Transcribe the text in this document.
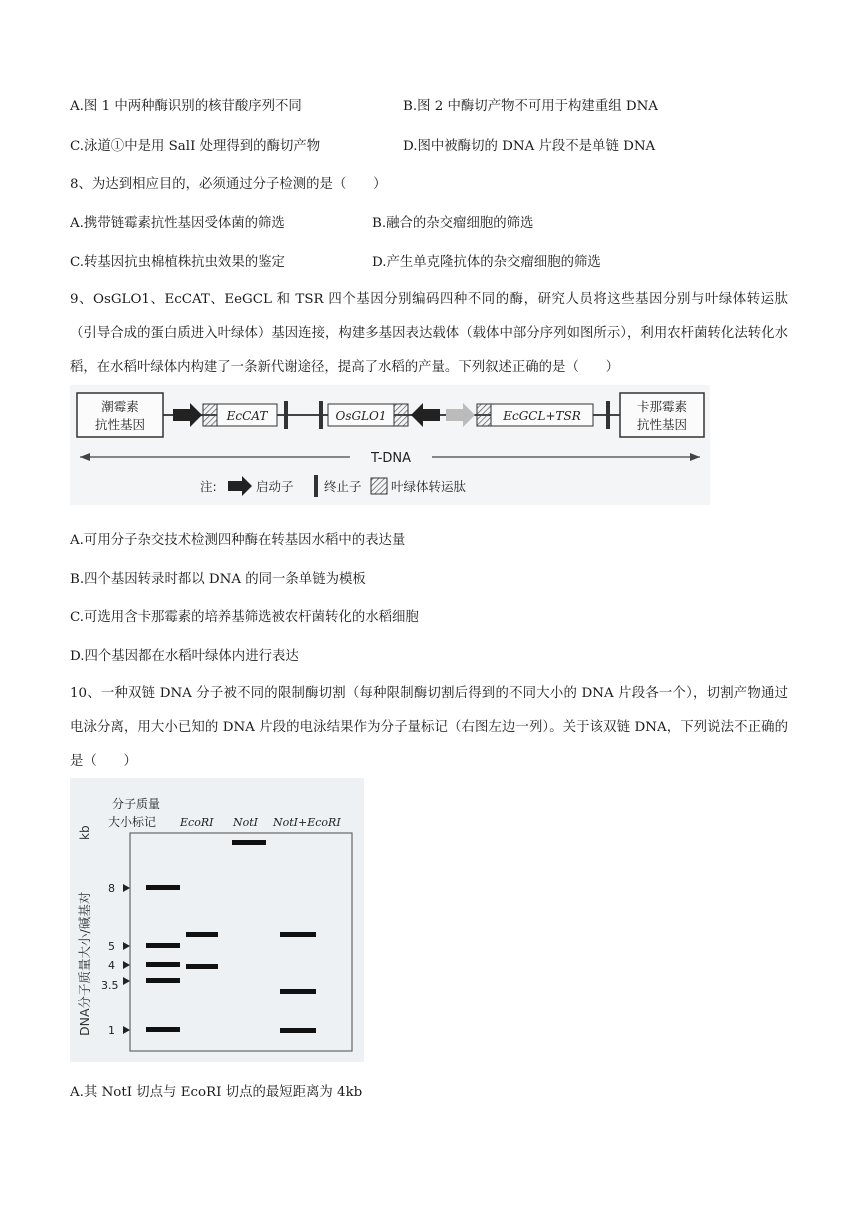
A.图 1 中两种酶识别的核苷酸序列不同	B.图 2 中酶切产物不可用于构建重组 DNA
C.泳道①中是用 SalI 处理得到的酶切产物	D.图中被酶切的 DNA 片段不是单链 DNA
8、为达到相应目的，必须通过分子检测的是（　　）
A.携带链霉素抗性基因受体菌的筛选	B.融合的杂交瘤细胞的筛选
C.转基因抗虫棉植株抗虫效果的鉴定	D.产生单克隆抗体的杂交瘤细胞的筛选
9、OsGLO1、EcCAT、EeGCL 和 TSR 四个基因分别编码四种不同的酶，研究人员将这些基因分别与叶绿体转运肽（引导合成的蛋白质进入叶绿体）基因连接，构建多基因表达载体（载体中部分序列如图所示），利用农杆菌转化法转化水稻，在水稻叶绿体内构建了一条新代谢途径，提高了水稻的产量。下列叙述正确的是（　　）
潮霉素
抗性基因
EcCAT	OsGLO1	EcGCL+TSR
卡那霉素
抗性基因
T-DNA
注:	启动子 终止子 叶绿体转运肽
A.可用分子杂交技术检测四种酶在转基因水稻中的表达量
B.四个基因转录时都以 DNA 的同一条单链为模板
C.可选用含卡那霉素的培养基筛选被农杆菌转化的水稻细胞
D.四个基因都在水稻叶绿体内进行表达
10、一种双链 DNA 分子被不同的限制酶切割（每种限制酶切割后得到的不同大小的 DNA 片段各一个），切割产物通过电泳分离，用大小已知的 DNA 片段的电泳结果作为分子量标记（右图左边一列）。关于该双链 DNA，下列说法不正确的是（　　）
DNA分子质量大小/碱基对
kb
分子质量
大小标记 EcoRI NotI NotI+EcoRI
8
5
4
3.5
1
A.其 NotI 切点与 EcoRI 切点的最短距离为 4kb
